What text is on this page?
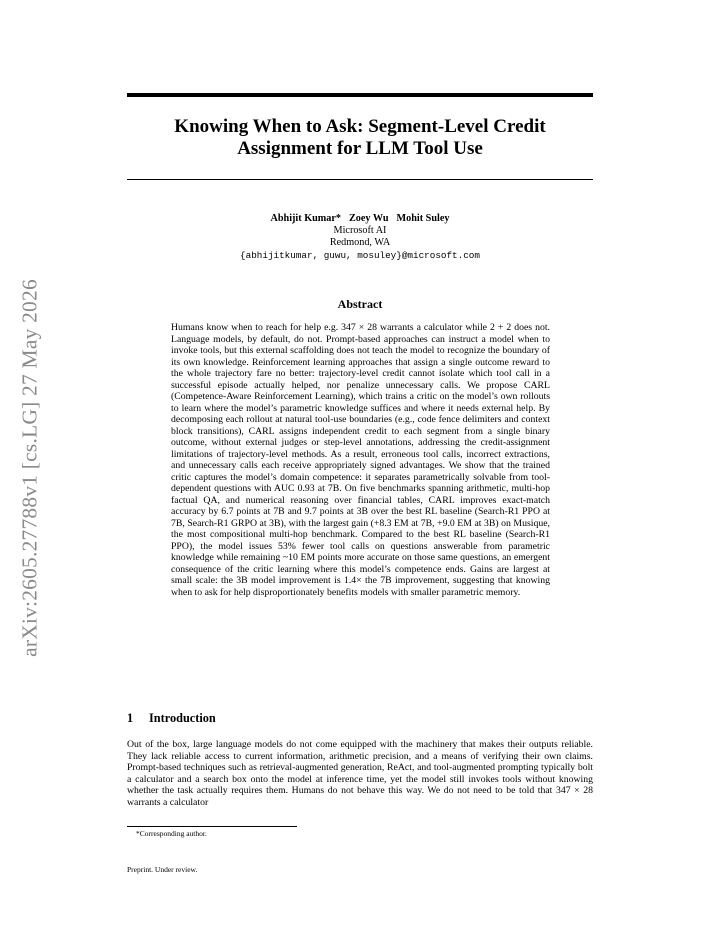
arXiv:2605.27788v1 [cs.LG] 27 May 2026
Knowing When to Ask: Segment-Level Credit Assignment for LLM Tool Use
Abhijit Kumar* Zoey Wu Mohit Suley
Microsoft AI
Redmond, WA
{abhijitkumar, guwu, mosuley}@microsoft.com
Abstract
Humans know when to reach for help e.g. 347 × 28 warrants a calculator while 2 + 2 does not. Language models, by default, do not. Prompt-based approaches can instruct a model when to invoke tools, but this external scaffolding does not teach the model to recognize the boundary of its own knowledge. Reinforcement learning approaches that assign a single outcome reward to the whole trajectory fare no better: trajectory-level credit cannot isolate which tool call in a successful episode actually helped, nor penalize unnecessary calls. We propose CARL (Competence-Aware Reinforcement Learning), which trains a critic on the model’s own rollouts to learn where the model’s parametric knowledge suffices and where it needs external help. By decomposing each rollout at natural tool-use boundaries (e.g., code fence delimiters and context block transitions), CARL assigns independent credit to each segment from a single binary outcome, without external judges or step-level annotations, addressing the credit-assignment limitations of trajectory-level methods. As a result, erroneous tool calls, incorrect extractions, and unnecessary calls each receive appropriately signed advantages. We show that the trained critic captures the model’s domain competence: it separates parametrically solvable from tool-dependent questions with AUC 0.93 at 7B. On five benchmarks spanning arithmetic, multi-hop factual QA, and numerical reasoning over financial tables, CARL improves exact-match accuracy by 6.7 points at 7B and 9.7 points at 3B over the best RL baseline (Search-R1 PPO at 7B, Search-R1 GRPO at 3B), with the largest gain (+8.3 EM at 7B, +9.0 EM at 3B) on Musique, the most compositional multi-hop benchmark. Compared to the best RL baseline (Search-R1 PPO), the model issues 53% fewer tool calls on questions answerable from parametric knowledge while remaining ~10 EM points more accurate on those same questions, an emergent consequence of the critic learning where this model’s competence ends. Gains are largest at small scale: the 3B model improvement is 1.4× the 7B improvement, suggesting that knowing when to ask for help disproportionately benefits models with smaller parametric memory.
1 Introduction
Out of the box, large language models do not come equipped with the machinery that makes their outputs reliable. They lack reliable access to current information, arithmetic precision, and a means of verifying their own claims. Prompt-based techniques such as retrieval-augmented generation, ReAct, and tool-augmented prompting typically bolt a calculator and a search box onto the model at inference time, yet the model still invokes tools without knowing whether the task actually requires them. Humans do not behave this way. We do not need to be told that 347 × 28 warrants a calculator
*Corresponding author.
Preprint. Under review.
